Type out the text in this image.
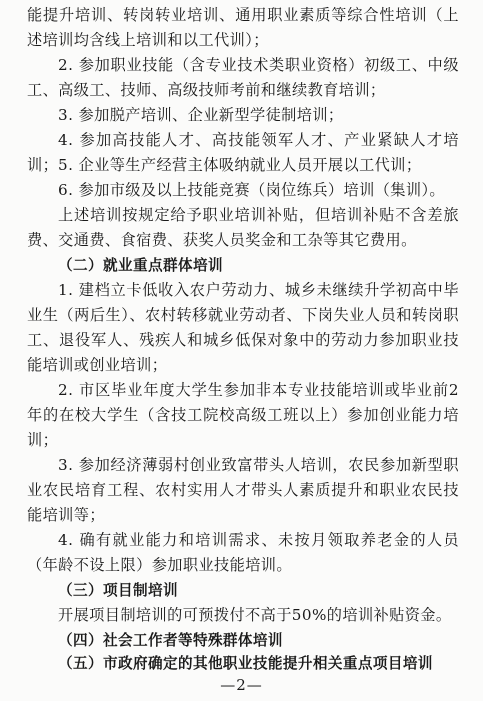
能提升培训、转岗转业培训、通用职业素质等综合性培训（上述培训均含线上培训和以工代训）；

2. 参加职业技能（含专业技术类职业资格）初级工、中级工、高级工、技师、高级技师考前和继续教育培训；

3. 参加脱产培训、企业新型学徒制培训；

4. 参加高技能人才、高技能领军人才、产业紧缺人才培训； 5. 企业等生产经营主体吸纳就业人员开展以工代训；

6. 参加市级及以上技能竞赛（岗位练兵）培训（集训）。

上述培训按规定给予职业培训补贴，但培训补贴不含差旅费、交通费、食宿费、获奖人员奖金和工杂等其它费用。

（二）就业重点群体培训

1. 建档立卡低收入农户劳动力、城乡未继续升学初高中毕业生（两后生）、农村转移就业劳动者、下岗失业人员和转岗职工、退役军人、残疾人和城乡低保对象中的劳动力参加职业技能培训或创业培训；

2. 市区毕业年度大学生参加非本专业技能培训或毕业前2年的在校大学生（含技工院校高级工班以上）参加创业能力培训；

3. 参加经济薄弱村创业致富带头人培训，农民参加新型职业农民培育工程、农村实用人才带头人素质提升和职业农民技能培训等；

4. 确有就业能力和培训需求、未按月领取养老金的人员（年龄不设上限）参加职业技能培训。

（三）项目制培训

开展项目制培训的可预拨付不高于50%的培训补贴资金。

（四）社会工作者等特殊群体培训

（五）市政府确定的其他职业技能提升相关重点项目培训

—2—
